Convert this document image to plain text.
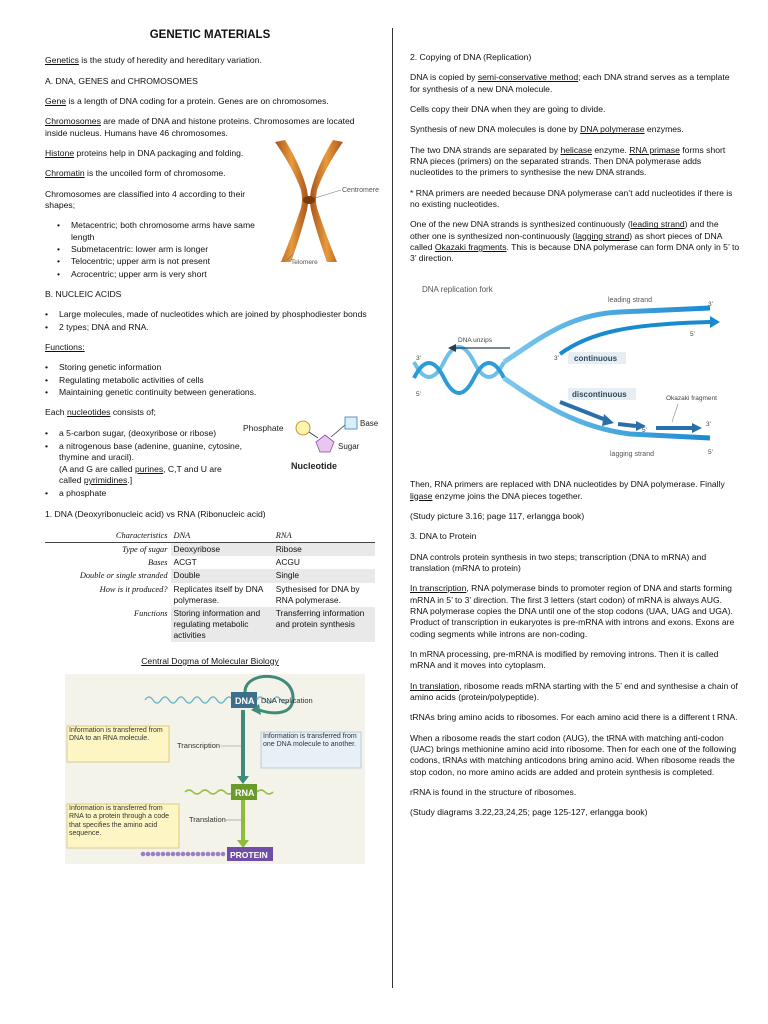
GENETIC MATERIALS

Genetics is the study of heredity and hereditary variation.

A. DNA, GENES and CHROMOSOMES

Gene is a length of DNA coding for a protein. Genes are on chromosomes.

Centromere
Telomere

Chromosomes are made of DNA and histone proteins. Chromosomes are located inside nucleus. Humans have 46 chromosomes.

Histone proteins help in DNA packaging and folding.

Chromatin is the uncoiled form of chromosome.

Chromosomes are classified into 4 according to their shapes;

• Metacentric; both chromosome arms have same length
• Submetacentric: lower arm is longer
• Telocentric; upper arm is not present
• Acrocentric; upper arm is very short

B. NUCLEIC ACIDS

• Large molecules, made of nucleotides which are joined by phosphodiester bonds
• 2 types; DNA and RNA.

Functions:

• Storing genetic information
• Regulating metabolic activities of cells
• Maintaining genetic continuity between generations.
Phosphate	Base
Sugar
Nucleotide

Each nucleotides consists of;

• a 5-carbon sugar, (deoxyribose or ribose)
• a nitrogenous base (adenine, guanine, cytosine, thymine and uracil).
(A and G are called purines, C,T and U are called pyrimidines.]
• a phosphate

1. DNA (Deoxyribonucleic acid) vs RNA (Ribonucleic acid)

Characteristics	DNA	RNA
Type of sugar	Deoxyribose	Ribose
Bases	ACGT	ACGU
Double or single stranded	Double	Single
How is it produced?	Replicates itself by DNA polymerase.	Sythesised for DNA by RNA polymerase.
Functions	Storing information and regulating metabolic activities	Transferring information and protein synthesis

Central Dogma of Molecular Biology

DNA DNA replication
Transcription
RNA
Translation
PROTEIN
Information is transferred from DNA to an RNA molecule.	Information is transferred from one DNA molecule to another.
Information is transferred from RNA to a protein through a code that specifies the amino acid sequence.

2. Copying of DNA (Replication)

DNA is copied by semi-conservative method; each DNA strand serves as a template for synthesis of a new DNA molecule.

Cells copy their DNA when they are going to divide.

Synthesis of new DNA molecules is done by DNA polymerase enzymes.

The two DNA strands are separated by helicase enzyme. RNA primase forms short RNA pieces (primers) on the separated strands. Then DNA polymerase adds nucleotides to the primers to synthesise the new DNA strands.

* RNA primers are needed because DNA polymerase can’t add nucleotides if there is no existing nucleotides.

One of the new DNA strands is synthesized continuously (leading strand) and the other one is synthesized non-continuously (lagging strand) as short pieces of DNA called Okazaki fragments. This is because DNA polymerase can form DNA only in 5’ to 3’ direction.

DNA replication fork
3'
5'
leading strand
3'
5'
3' continuous
DNA unzips
discontinuous
5'
3'
Okazaki fragment
lagging strand	5'

Then, RNA primers are replaced with DNA nucleotides by DNA polymerase. Finally ligase enzyme joins the DNA pieces together.

(Study picture 3.16; page 117, erlangga book)

3. DNA to Protein

DNA controls protein synthesis in two steps; transcription (DNA to mRNA) and translation (mRNA to protein)

In transcription, RNA polymerase binds to promoter region of DNA and starts forming mRNA in 5’ to 3’ direction. The first 3 letters (start codon) of mRNA is always AUG. RNA polymerase copies the DNA until one of the stop codons (UAA, UAG and UGA). Product of transcription in eukaryotes is pre-mRNA with introns and exons. Exons are coding segments while introns are non-coding.

In mRNA processing, pre-mRNA is modified by removing introns. Then it is called mRNA and it moves into cytoplasm.

In translation, ribosome reads mRNA starting with the 5’ end and synthesise a chain of amino acids (protein/polypeptide).

tRNAs bring amino acids to ribosomes. For each amino acid there is a different t RNA.

When a ribosome reads the start codon (AUG), the tRNA with matching anti-codon (UAC) brings methionine amino acid into ribosome. Then for each one of the following codons, tRNAs with matching anticodons bring amino acid. When ribosome reads the stop codon, no more amino acids are added and protein synthesis is completed.

rRNA is found in the structure of ribosomes.

(Study diagrams 3.22,23,24,25; page 125-127, erlangga book)
